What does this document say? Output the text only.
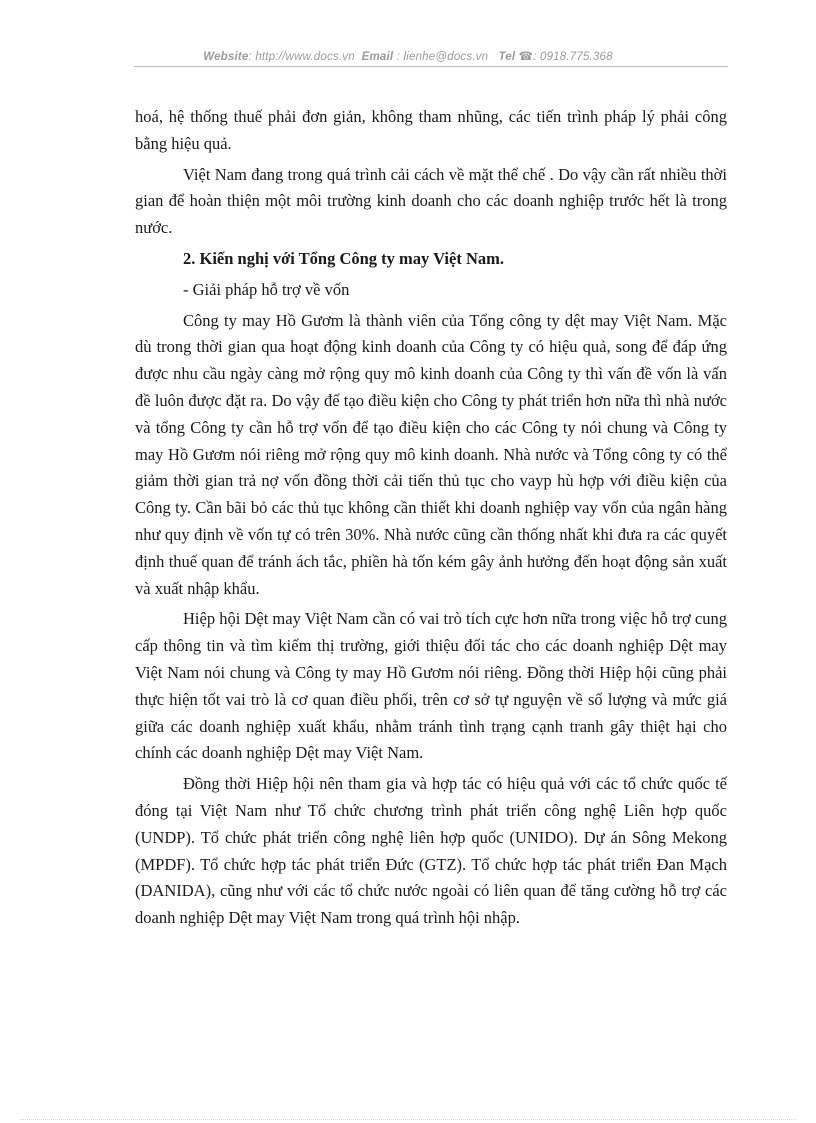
Website: http://www.docs.vn Email : lienhe@docs.vn Tel ☎: 0918.775.368

hoá, hệ thống thuế phải đơn giản, không tham nhũng, các tiến trình pháp lý phải công bằng hiệu quả.

Việt Nam đang trong quá trình cải cách về mặt thể chế . Do vậy cần rất nhiều thời gian để hoàn thiện một môi trường kinh doanh cho các doanh nghiệp trước hết là trong nước.

2. Kiến nghị với Tổng Công ty may Việt Nam.

- Giải pháp hỗ trợ về vốn

Công ty may Hồ Gươm là thành viên của Tổng công ty dệt may Việt Nam. Mặc dù trong thời gian qua hoạt động kinh doanh của Công ty có hiệu quả, song để đáp ứng được nhu cầu ngày càng mở rộng quy mô kinh doanh của Công ty thì vấn đề vốn là vấn đề luôn được đặt ra. Do vậy để tạo điều kiện cho Công ty phát triển hơn nữa thì nhà nước và tổng Công ty cần hỗ trợ vốn để tạo điều kiện cho các Công ty nói chung và Công ty may Hồ Gươm nói riêng mở rộng quy mô kinh doanh. Nhà nước và Tổng công ty có thể giảm thời gian trả nợ vốn đồng thời cải tiến thủ tục cho vayp hù hợp với điều kiện của Công ty. Cần bãi bỏ các thủ tục không cần thiết khi doanh nghiệp vay vốn của ngân hàng như quy định về vốn tự có trên 30%. Nhà nước cũng cần thống nhất khi đưa ra các quyết định thuế quan để tránh ách tắc, phiền hà tốn kém gây ảnh hưởng đến hoạt động sản xuất và xuất nhập khẩu.

Hiệp hội Dệt may Việt Nam cần có vai trò tích cực hơn nữa trong việc hỗ trợ cung cấp thông tin và tìm kiếm thị trường, giới thiệu đối tác cho các doanh nghiệp Dệt may Việt Nam nói chung và Công ty may Hồ Gươm nói riêng. Đồng thời Hiệp hội cũng phải thực hiện tốt vai trò là cơ quan điều phối, trên cơ sở tự nguyện về số lượng và mức giá giữa các doanh nghiệp xuất khẩu, nhằm tránh tình trạng cạnh tranh gây thiệt hại cho chính các doanh nghiệp Dệt may Việt Nam.

Đồng thời Hiệp hội nên tham gia và hợp tác có hiệu quả với các tổ chức quốc tế đóng tại Việt Nam như Tổ chức chương trình phát triển công nghệ Liên hợp quốc (UNDP). Tổ chức phát triển công nghệ liên hợp quốc (UNIDO). Dự án Sông Mekong (MPDF). Tổ chức hợp tác phát triển Đức (GTZ). Tổ chức hợp tác phát triển Đan Mạch (DANIDA), cũng như với các tổ chức nước ngoài có liên quan để tăng cường hỗ trợ các doanh nghiệp Dệt may Việt Nam trong quá trình hội nhập.
